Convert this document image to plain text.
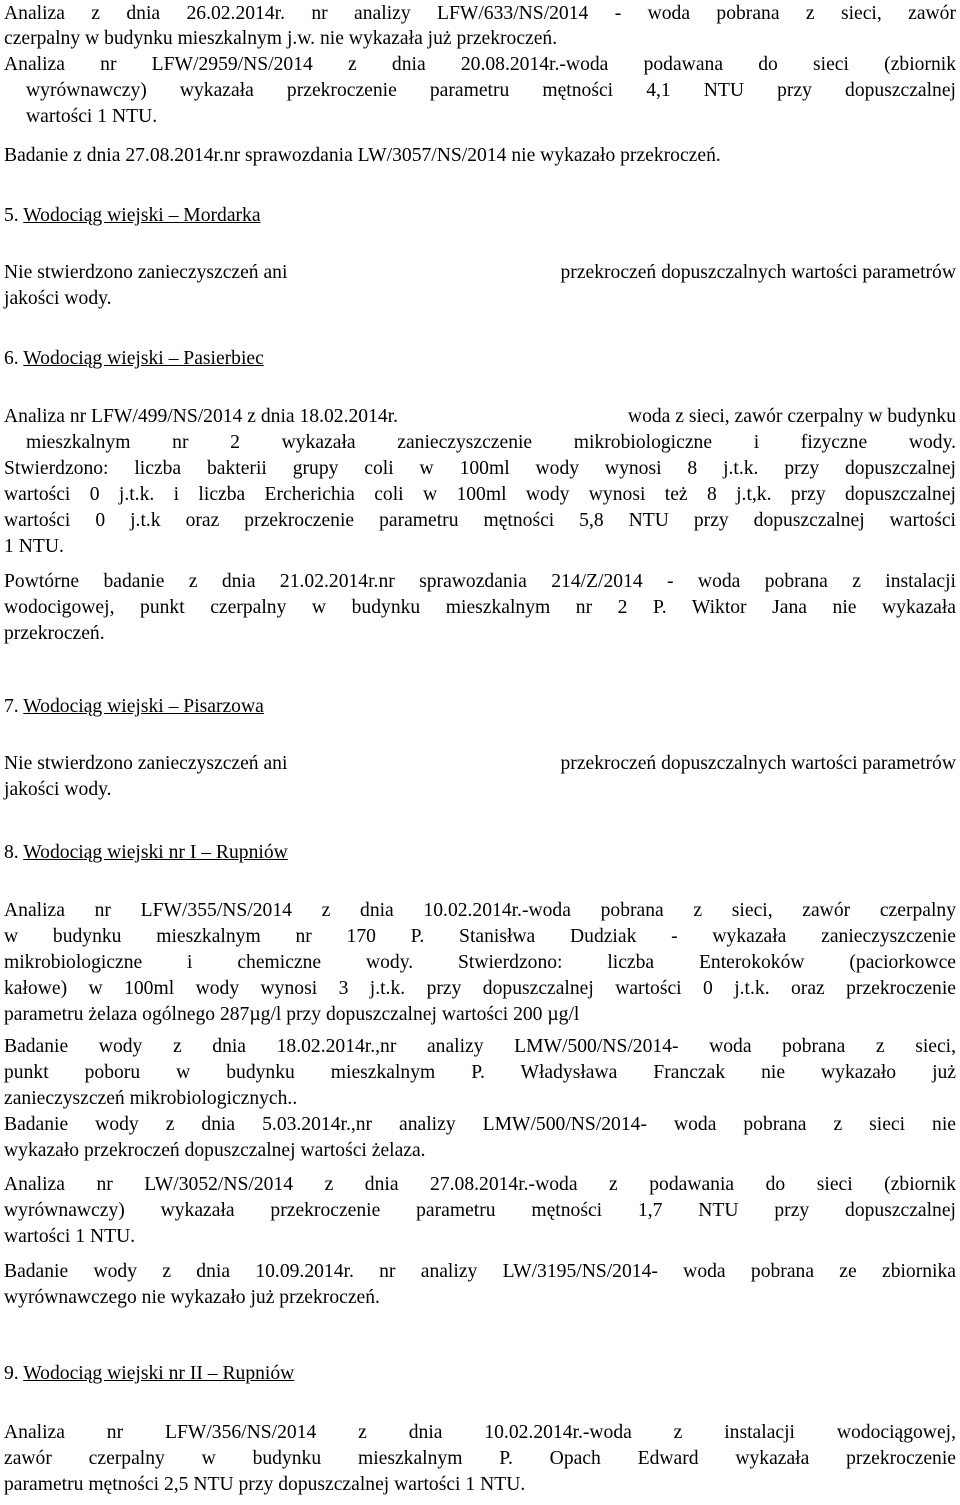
Analiza z dnia 26.02.2014r. nr analizy LFW/633/NS/2014 - woda pobrana z sieci, zawór
czerpalny w budynku mieszkalnym j.w. nie wykazała już przekroczeń.
Analiza nr LFW/2959/NS/2014 z dnia 20.08.2014r.-woda podawana do sieci (zbiornik
wyrównawczy) wykazała przekroczenie parametru mętności 4,1 NTU przy dopuszczalnej
wartości 1 NTU.
Badanie z dnia 27.08.2014r.nr sprawozdania LW/3057/NS/2014 nie wykazało przekroczeń.
5. Wodociąg wiejski – Mordarka
Nie stwierdzono zanieczyszczeń ani	przekroczeń dopuszczalnych wartości parametrów
jakości wody.
6. Wodociąg wiejski – Pasierbiec
Analiza nr LFW/499/NS/2014 z dnia 18.02.2014r.	woda z sieci, zawór czerpalny w budynku
mieszkalnym nr 2 wykazała zanieczyszczenie mikrobiologiczne i fizyczne wody.
Stwierdzono: liczba bakterii grupy coli w 100ml wody wynosi 8 j.t.k. przy dopuszczalnej
wartości 0 j.t.k. i liczba Ercherichia coli w 100ml wody wynosi też 8 j.t,k. przy dopuszczalnej
wartości 0 j.t.k oraz przekroczenie parametru mętności 5,8 NTU przy dopuszczalnej wartości
1 NTU.
Powtórne badanie z dnia 21.02.2014r.nr sprawozdania 214/Z/2014 - woda pobrana z instalacji
wodocigowej, punkt czerpalny w budynku mieszkalnym nr 2 P. Wiktor Jana nie wykazała
przekroczeń.
7. Wodociąg wiejski – Pisarzowa
Nie stwierdzono zanieczyszczeń ani	przekroczeń dopuszczalnych wartości parametrów
jakości wody.
8. Wodociąg wiejski nr I – Rupniów
Analiza nr LFW/355/NS/2014 z dnia 10.02.2014r.-woda pobrana z sieci, zawór czerpalny
w budynku mieszkalnym nr 170 P. Stanisłwa Dudziak - wykazała zanieczyszczenie
mikrobiologiczne i chemiczne wody. Stwierdzono: liczba Enterokoków (paciorkowce
kałowe) w 100ml wody wynosi 3 j.t.k. przy dopuszczalnej wartości 0 j.t.k. oraz przekroczenie
parametru żelaza ogólnego 287µg/l przy dopuszczalnej wartości 200 µg/l
Badanie wody z dnia 18.02.2014r.,nr analizy LMW/500/NS/2014- woda pobrana z sieci,
punkt poboru w budynku mieszkalnym P. Władysława Franczak nie wykazało już
zanieczyszczeń mikrobiologicznych..
Badanie wody z dnia 5.03.2014r.,nr analizy LMW/500/NS/2014- woda pobrana z sieci nie
wykazało przekroczeń dopuszczalnej wartości żelaza.
Analiza nr LW/3052/NS/2014 z dnia 27.08.2014r.-woda z podawania do sieci (zbiornik
wyrównawczy) wykazała przekroczenie parametru mętności 1,7 NTU przy dopuszczalnej
wartości 1 NTU.
Badanie wody z dnia 10.09.2014r. nr analizy LW/3195/NS/2014- woda pobrana ze zbiornika
wyrównawczego nie wykazało już przekroczeń.
9. Wodociąg wiejski nr II – Rupniów
Analiza nr LFW/356/NS/2014 z dnia 10.02.2014r.-woda z instalacji wodociągowej,
zawór czerpalny w budynku mieszkalnym P. Opach Edward wykazała przekroczenie
parametru mętności 2,5 NTU przy dopuszczalnej wartości 1 NTU.
